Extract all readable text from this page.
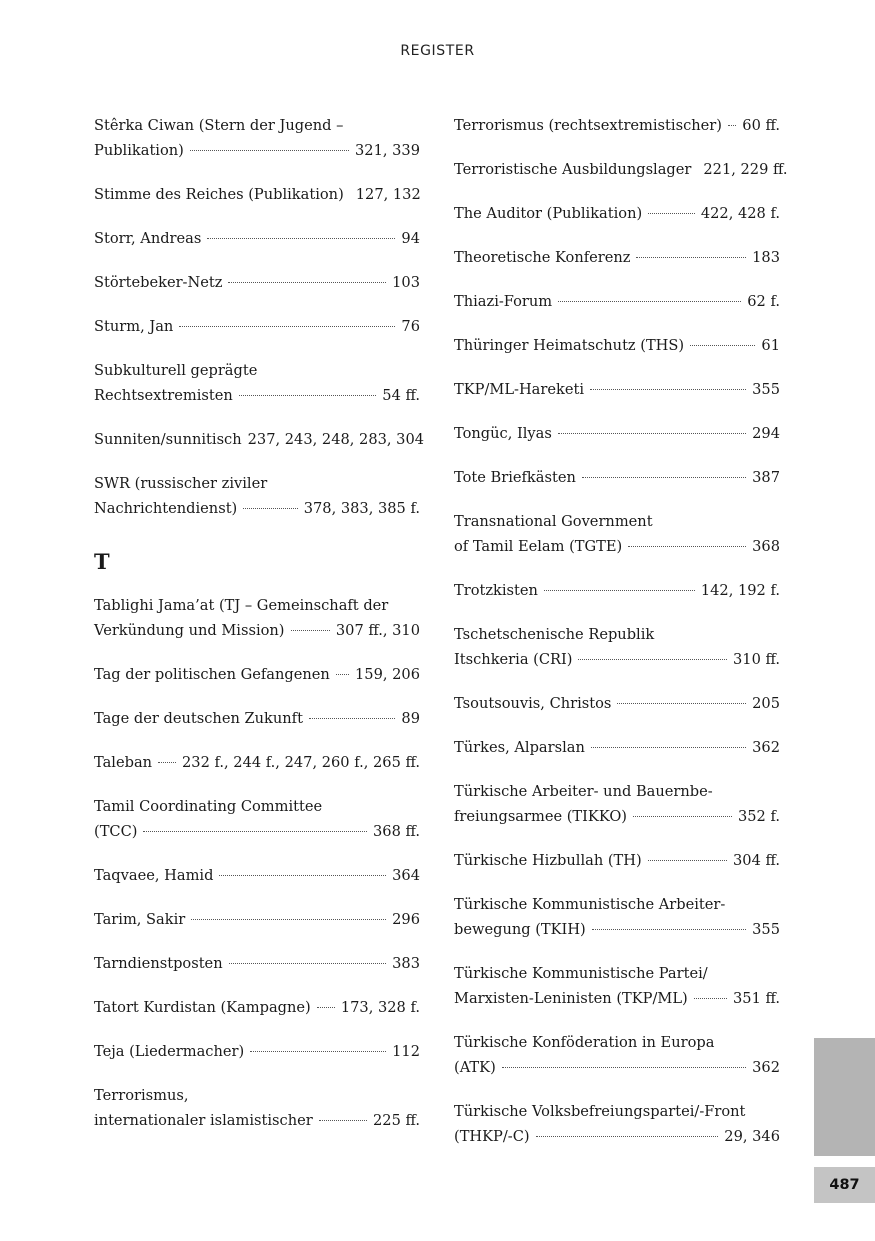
REGISTER
Stêrka Ciwan (Stern der Jugend –
Publikation)	321, 339
Stimme des Reiches (Publikation) 127, 132
Storr, Andreas	94
Störtebeker-Netz	103
Sturm, Jan	76
Subkulturell geprägte
Rechtsextremisten	54 ff.
Sunniten/sunnitisch 237, 243, 248, 283, 304
SWR (russischer ziviler
Nachrichtendienst)	378, 383, 385 f.
T
Tablighi Jama’at (TJ – Gemeinschaft der
Verkündung und Mission)	307 ff., 310
Tag der politischen Gefangenen 159, 206
Tage der deutschen Zukunft	89
Taleban 232 f., 244 f., 247, 260 f., 265 ff.
Tamil Coordinating Committee
(TCC)	368 ff.
Taqvaee, Hamid	364
Tarim, Sakir	296
Tarndienstposten	383
Tatort Kurdistan (Kampagne) 173, 328 f.
Teja (Liedermacher)	112
Terrorismus,
internationaler islamistischer	225 ff.
Terrorismus (rechtsextremistischer) 60 ff.
Terroristische Ausbildungslager 221, 229 ff.
The Auditor (Publikation)	422, 428 f.
Theoretische Konferenz	183
Thiazi-Forum	62 f.
Thüringer Heimatschutz (THS)	61
TKP/ML-Hareketi	355
Tongüc, Ilyas	294
Tote Briefkästen	387
Transnational Government
of Tamil Eelam (TGTE)	368
Trotzkisten	142, 192 f.
Tschetschenische Republik
Itschkeria (CRI)	310 ff.
Tsoutsouvis, Christos	205
Türkes, Alparslan	362
Türkische Arbeiter- und Bauernbe-
freiungsarmee (TIKKO)	352 f.
Türkische Hizbullah (TH)	304 ff.
Türkische Kommunistische Arbeiter-
bewegung (TKIH)	355
Türkische Kommunistische Partei/
Marxisten-Leninisten (TKP/ML)	351 ff.
Türkische Konföderation in Europa
(ATK)	362
Türkische Volksbefreiungspartei/-Front
(THKP/-C)	29, 346
487
